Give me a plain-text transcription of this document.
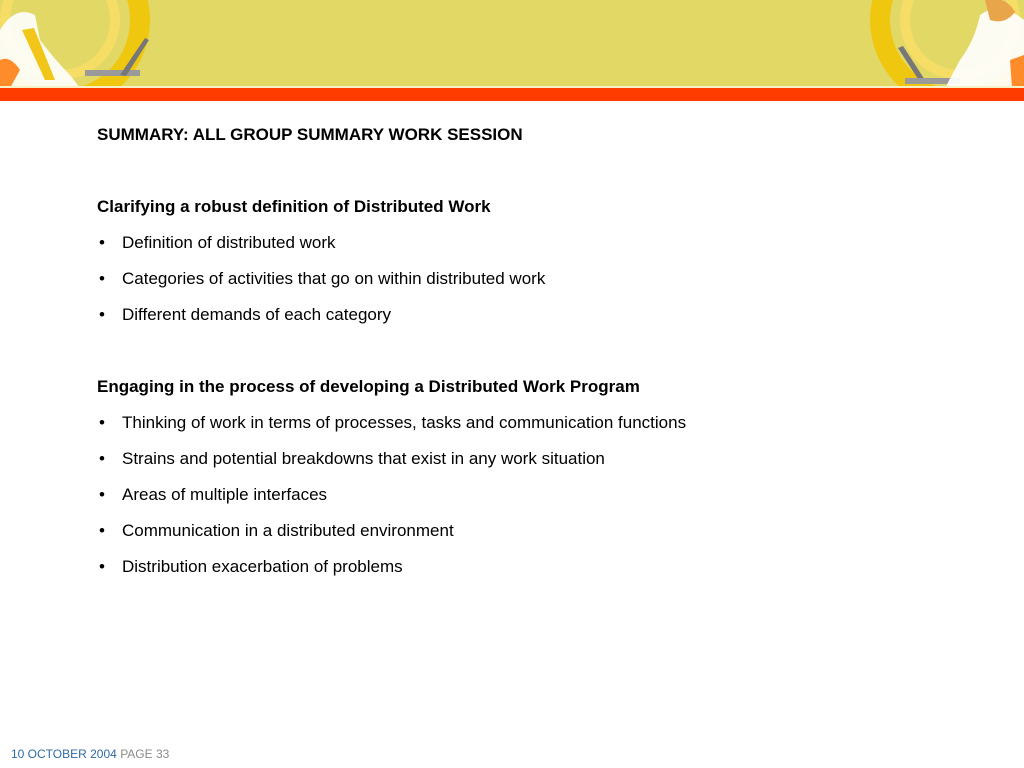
SUMMARY: ALL GROUP SUMMARY WORK SESSION
Clarifying a robust definition of Distributed Work
• Definition of distributed work
• Categories of activities that go on within distributed work
• Different demands of each category
Engaging in the process of developing a Distributed Work Program
• Thinking of work in terms of processes, tasks and communication functions
• Strains and potential breakdowns that exist in any work situation
• Areas of multiple interfaces
• Communication in a distributed environment
• Distribution exacerbation of problems
10 OCTOBER 2004 PAGE 33
